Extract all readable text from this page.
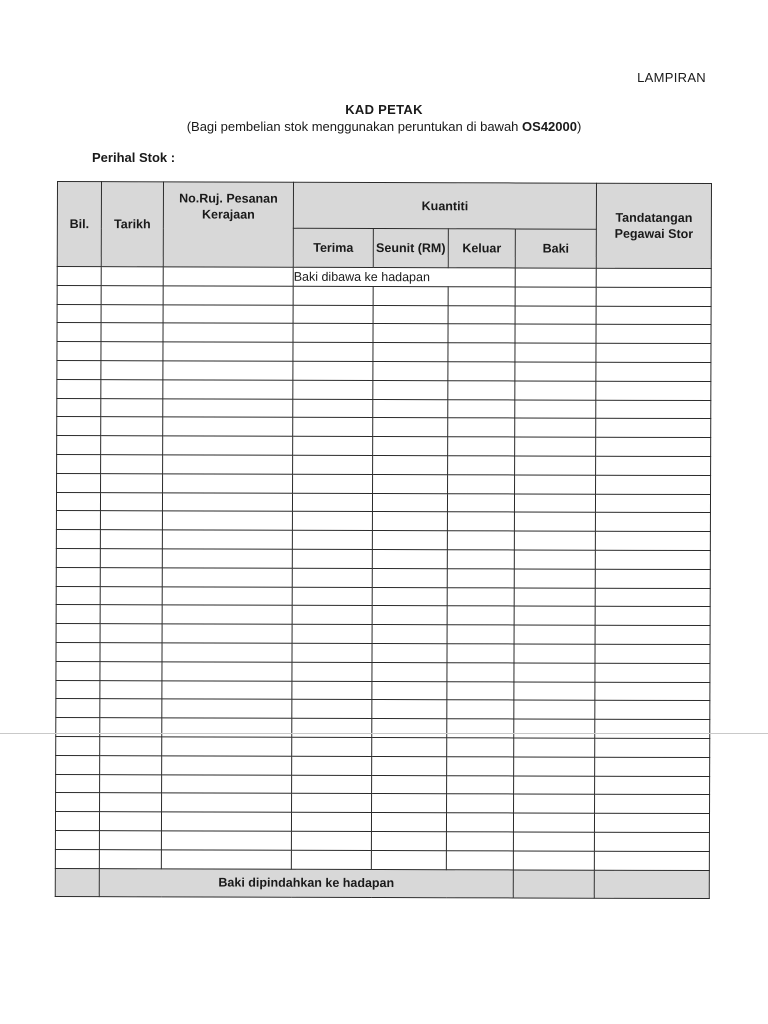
LAMPIRAN
KAD PETAK
(Bagi pembelian stok menggunakan peruntukan di bawah OS42000)
Perihal Stok :
Bil.	Tarikh	No.Ruj. Pesanan Kerajaan	Kuantiti				Tandatangan Pegawai Stor
			Terima	Seunit (RM)	Keluar	Baki	
			Baki dibawa ke hadapan				

	Baki dipindahkan ke hadapan						
